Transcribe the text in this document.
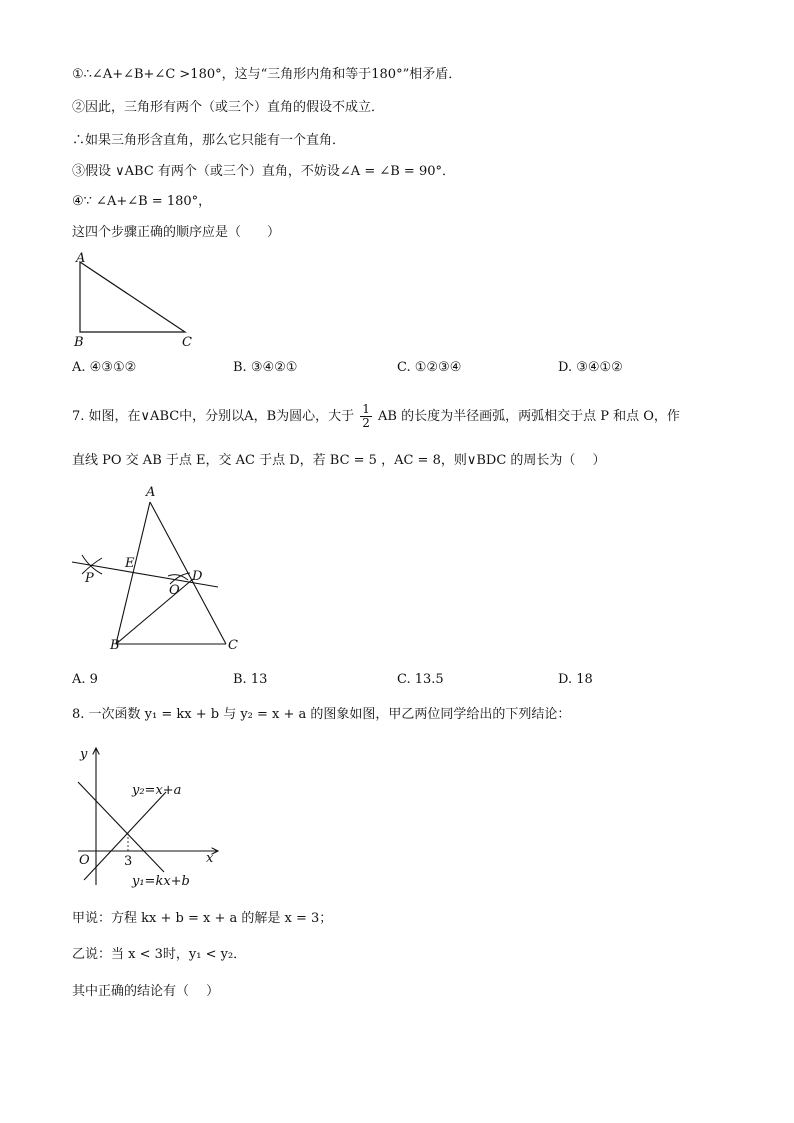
①∴∠A+∠B+∠C >180°，这与“三角形内角和等于180°”相矛盾．
②因此，三角形有两个（或三个）直角的假设不成立．
∴如果三角形含直角，那么它只能有一个直角．
③假设 ∨ABC 有两个（或三个）直角，不妨设∠A = ∠B = 90°．
④∵ ∠A+∠B = 180°，
这四个步骤正确的顺序应是（　　）
A
B	C
A. ④③①②	B. ③④②①	C. ①②③④	D. ③④①②
7. 如图，在∨ABC中，分别以A，B为圆心，大于 $\frac{1}{2}$ AB 的长度为半径画弧，两弧相交于点 P 和点 O，作
直线 PO 交 AB 于点 E，交 AC 于点 D，若 BC = 5 ，AC = 8，则∨BDC 的周长为（　 ）
A
B	C
D
E
O
P
A. 9	B. 13	C. 13.5	D. 18
8. 一次函数 y₁ = kx + b 与 y₂ = x + a 的图象如图，甲乙两位同学给出的下列结论：
y
x
O	3
y₂=x+a
y₁=kx+b
甲说：方程 kx + b = x + a 的解是 x = 3；
乙说：当 x < 3时，y₁ < y₂．
其中正确的结论有（　 ）
